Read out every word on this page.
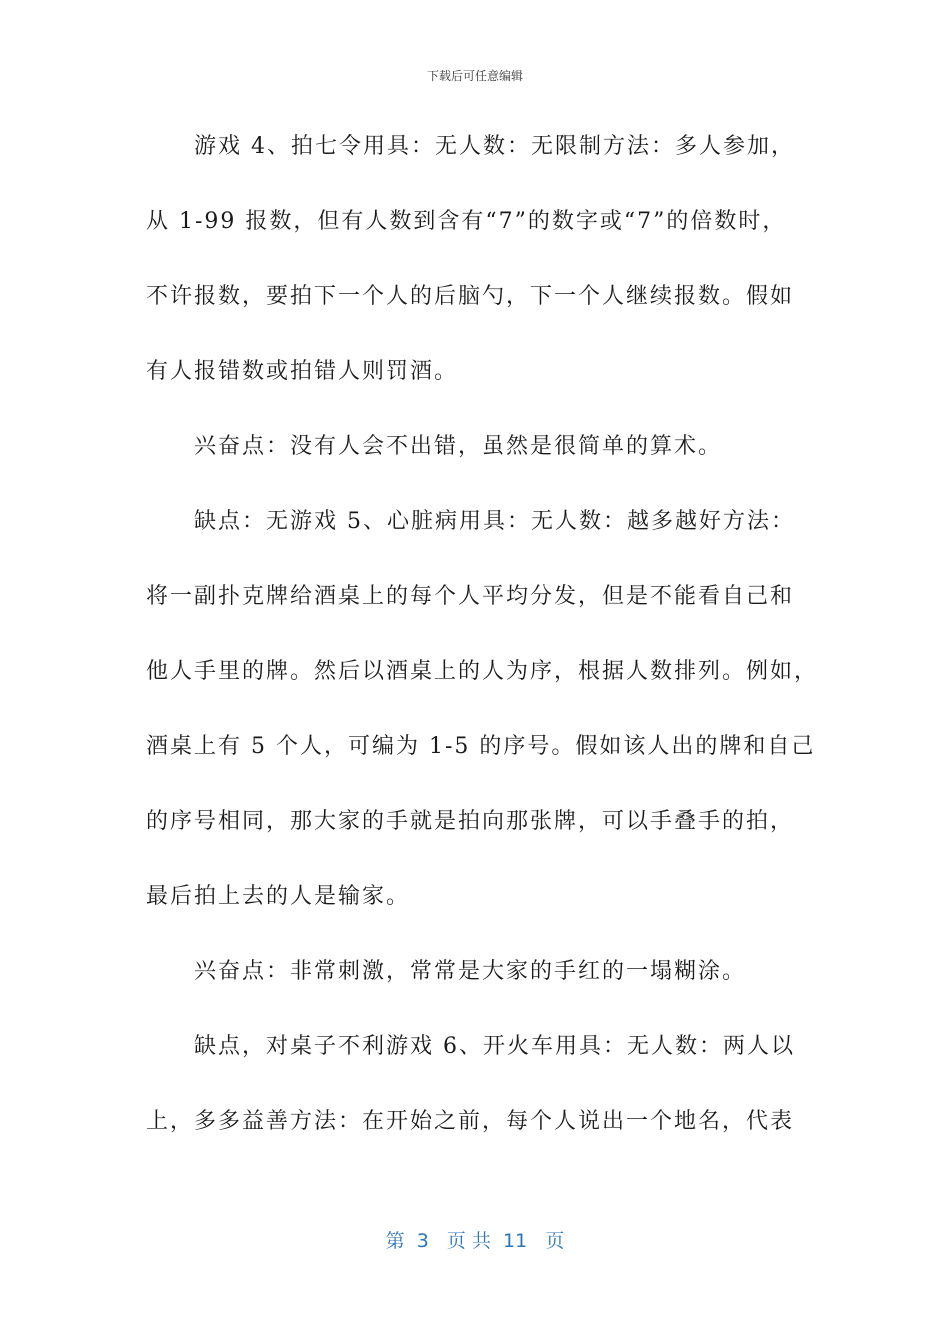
下载后可任意编辑
游戏 4、拍七令用具：无人数：无限制方法：多人参加，
从 1-99 报数，但有人数到含有“7”的数字或“7”的倍数时，
不许报数，要拍下一个人的后脑勺，下一个人继续报数。假如
有人报错数或拍错人则罚酒。
兴奋点：没有人会不出错，虽然是很简单的算术。
缺点：无游戏 5、心脏病用具：无人数：越多越好方法：
将一副扑克牌给酒桌上的每个人平均分发，但是不能看自己和
他人手里的牌。然后以酒桌上的人为序，根据人数排列。例如，
酒桌上有 5 个人，可编为 1-5 的序号。假如该人出的牌和自己
的序号相同，那大家的手就是拍向那张牌，可以手叠手的拍，
最后拍上去的人是输家。
兴奋点：非常刺激，常常是大家的手红的一塌糊涂。
缺点，对桌子不利游戏 6、开火车用具：无人数：两人以
上，多多益善方法：在开始之前，每个人说出一个地名，代表
第  3   页 共  11   页
